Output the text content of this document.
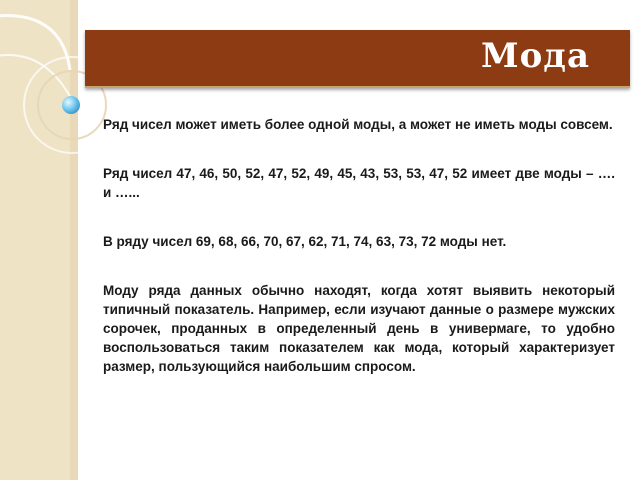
Мода

Ряд чисел может иметь более одной моды, а может не иметь моды совсем.

Ряд чисел 47, 46, 50, 52, 47, 52, 49, 45, 43, 53, 53, 47, 52 имеет две моды – …. и …...

В ряду чисел 69, 68, 66, 70, 67, 62, 71, 74, 63, 73, 72 моды нет.

Моду ряда данных обычно находят, когда хотят выявить некоторый типичный показатель. Например, если изучают данные о размере мужских сорочек, проданных в определенный день в универмаге, то удобно воспользоваться таким показателем как мода, который характеризует размер, пользующийся наибольшим спросом.
